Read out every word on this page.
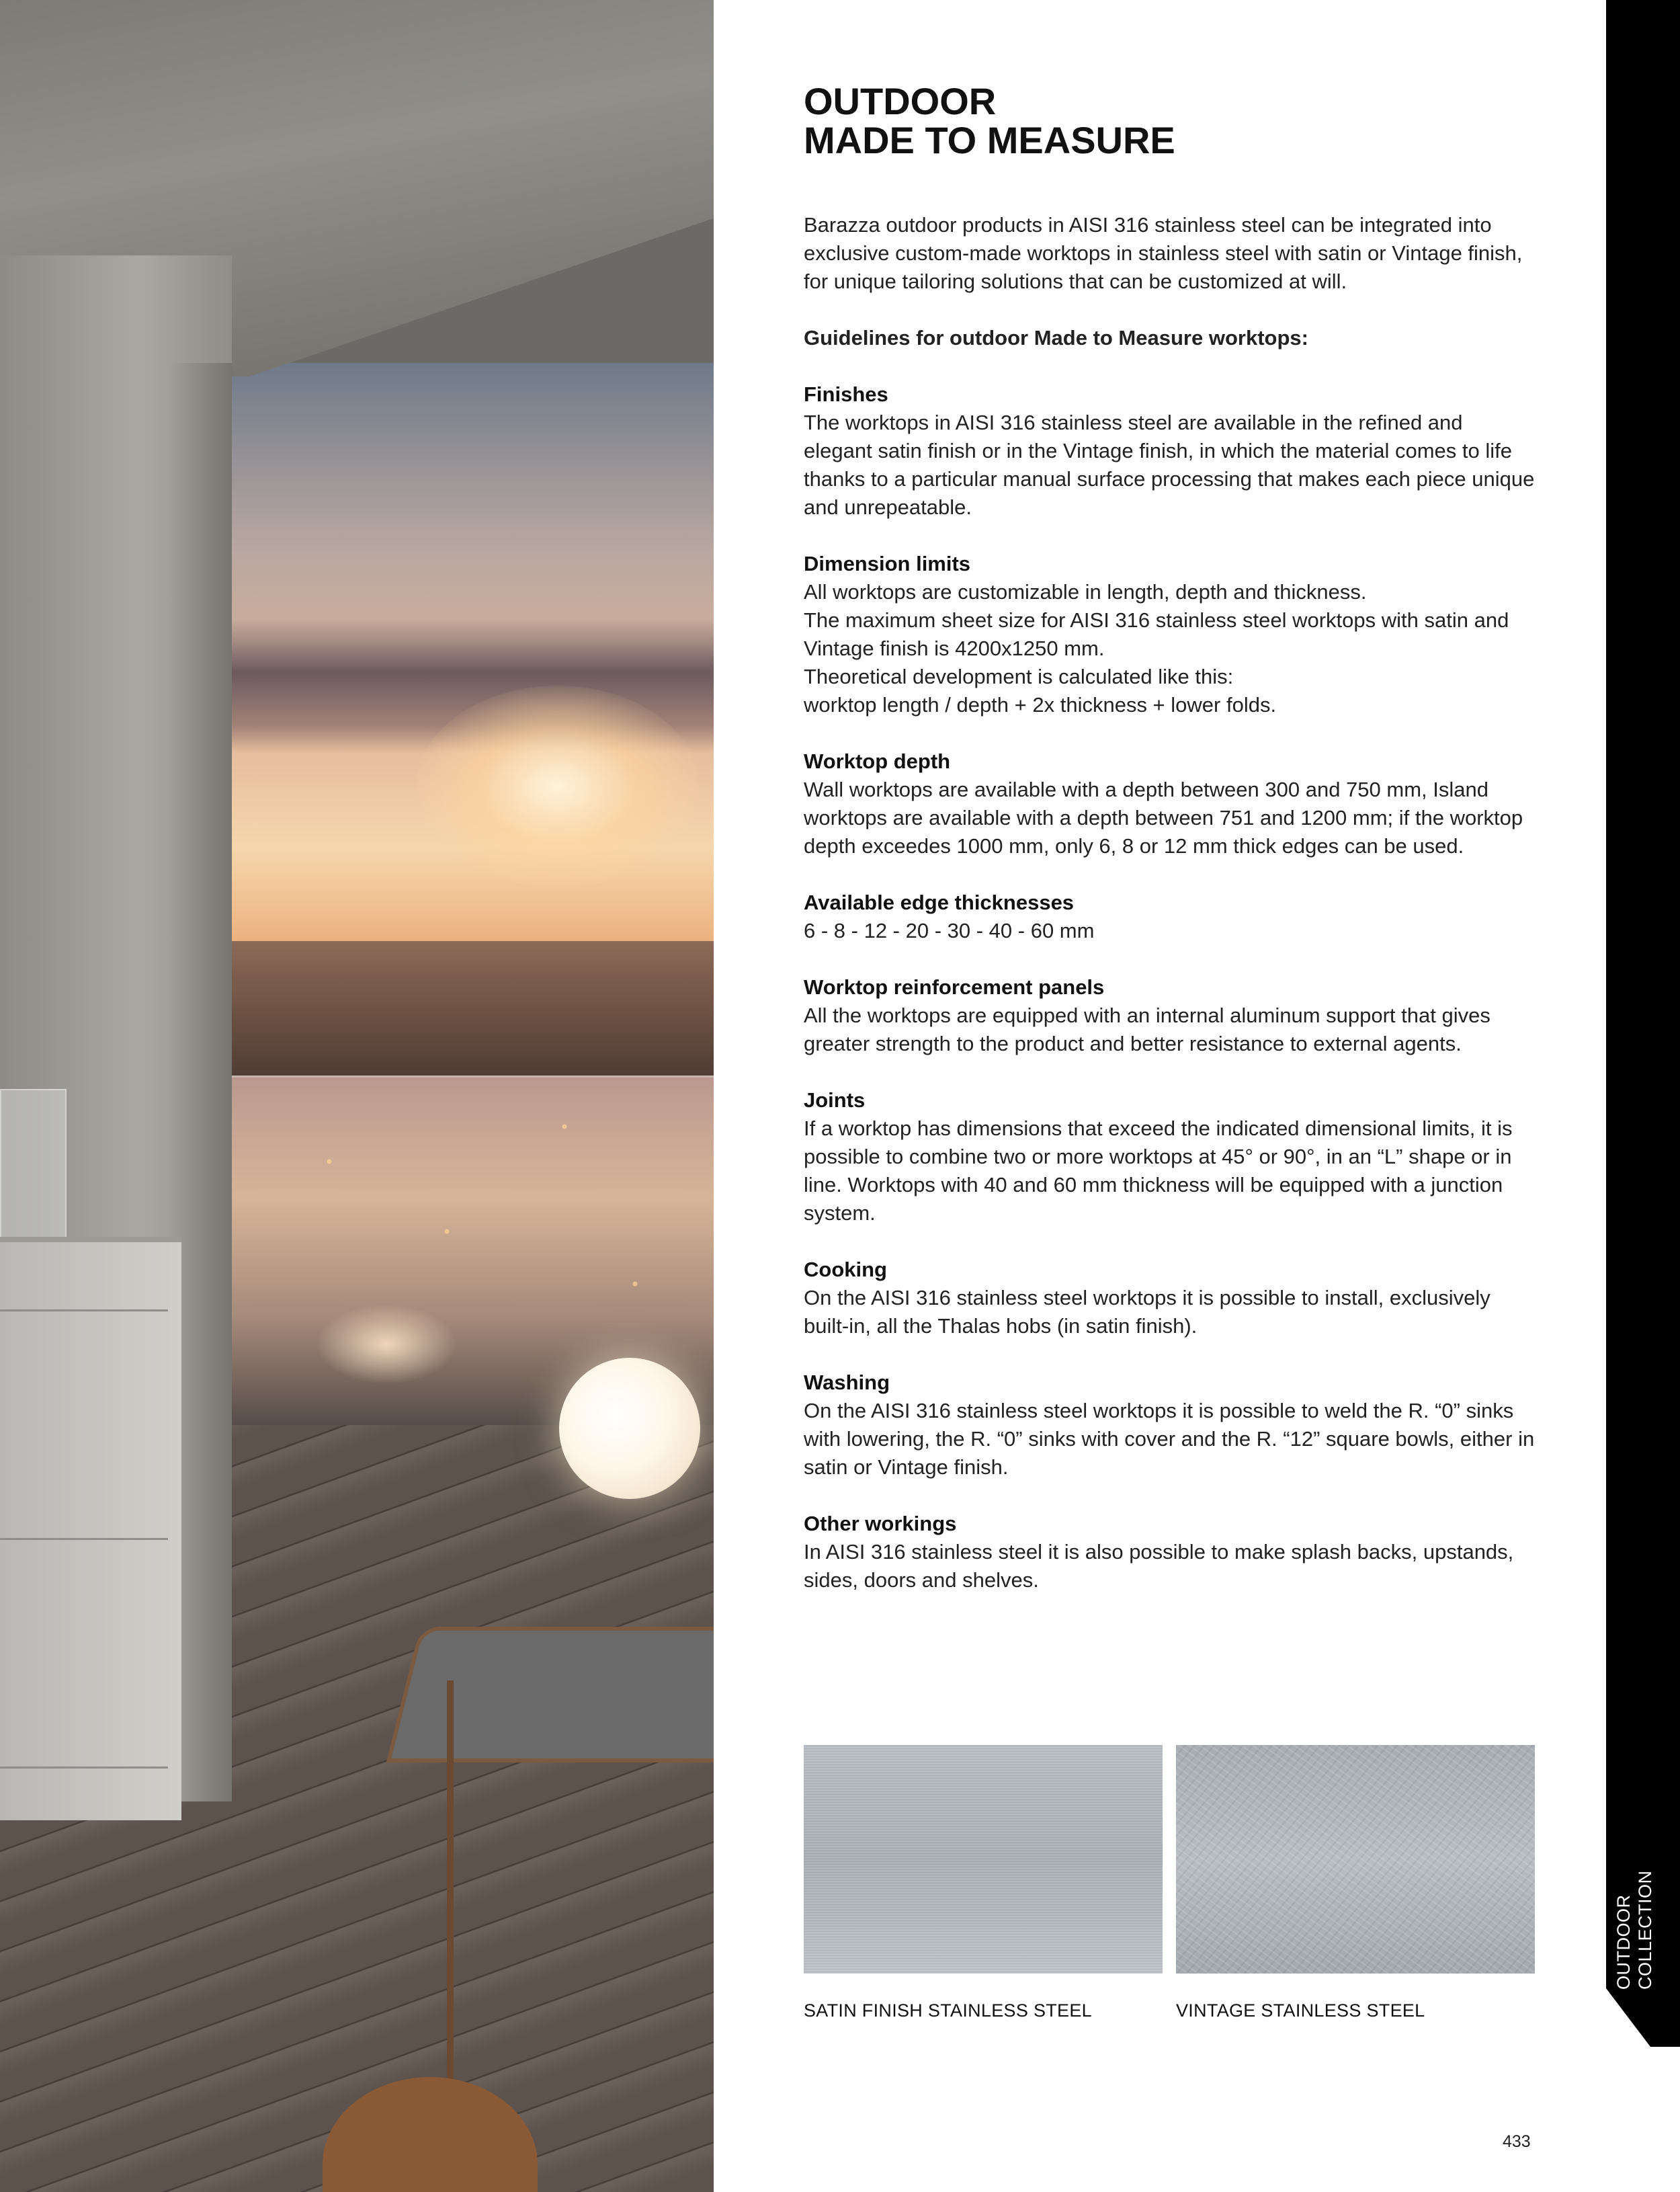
OUTDOOR
MADE TO MEASURE

Barazza outdoor products in AISI 316 stainless steel can be integrated into exclusive custom-made worktops in stainless steel with satin or Vintage finish, for unique tailoring solutions that can be customized at will.

Guidelines for outdoor Made to Measure worktops:

Finishes

The worktops in AISI 316 stainless steel are available in the refined and elegant satin finish or in the Vintage finish, in which the material comes to life thanks to a particular manual surface processing that makes each piece unique and unrepeatable.

Dimension limits

All worktops are customizable in length, depth and thickness.

The maximum sheet size for AISI 316 stainless steel worktops with satin and Vintage finish is 4200x1250 mm.

Theoretical development is calculated like this:

worktop length / depth + 2x thickness + lower folds.

Worktop depth

Wall worktops are available with a depth between 300 and 750 mm, Island worktops are available with a depth between 751 and 1200 mm; if the worktop depth exceedes 1000 mm, only 6, 8 or 12 mm thick edges can be used.

Available edge thicknesses

6 - 8 - 12 - 20 - 30 - 40 - 60 mm

Worktop reinforcement panels

All the worktops are equipped with an internal aluminum support that gives greater strength to the product and better resistance to external agents.

Joints

If a worktop has dimensions that exceed the indicated dimensional limits, it is possible to combine two or more worktops at 45° or 90°, in an “L” shape or in line. Worktops with 40 and 60 mm thickness will be equipped with a junction system.

Cooking

On the AISI 316 stainless steel worktops it is possible to install, exclusively built-in, all the Thalas hobs (in satin finish).

Washing

On the AISI 316 stainless steel worktops it is possible to weld the R. “0” sinks with lowering, the R. “0” sinks with cover and the R. “12” square bowls, either in satin or Vintage finish.

Other workings

In AISI 316 stainless steel it is also possible to make splash backs, upstands, sides, doors and shelves.

SATIN FINISH STAINLESS STEEL	VINTAGE STAINLESS STEEL
433
OUTDOOR
COLLECTION
